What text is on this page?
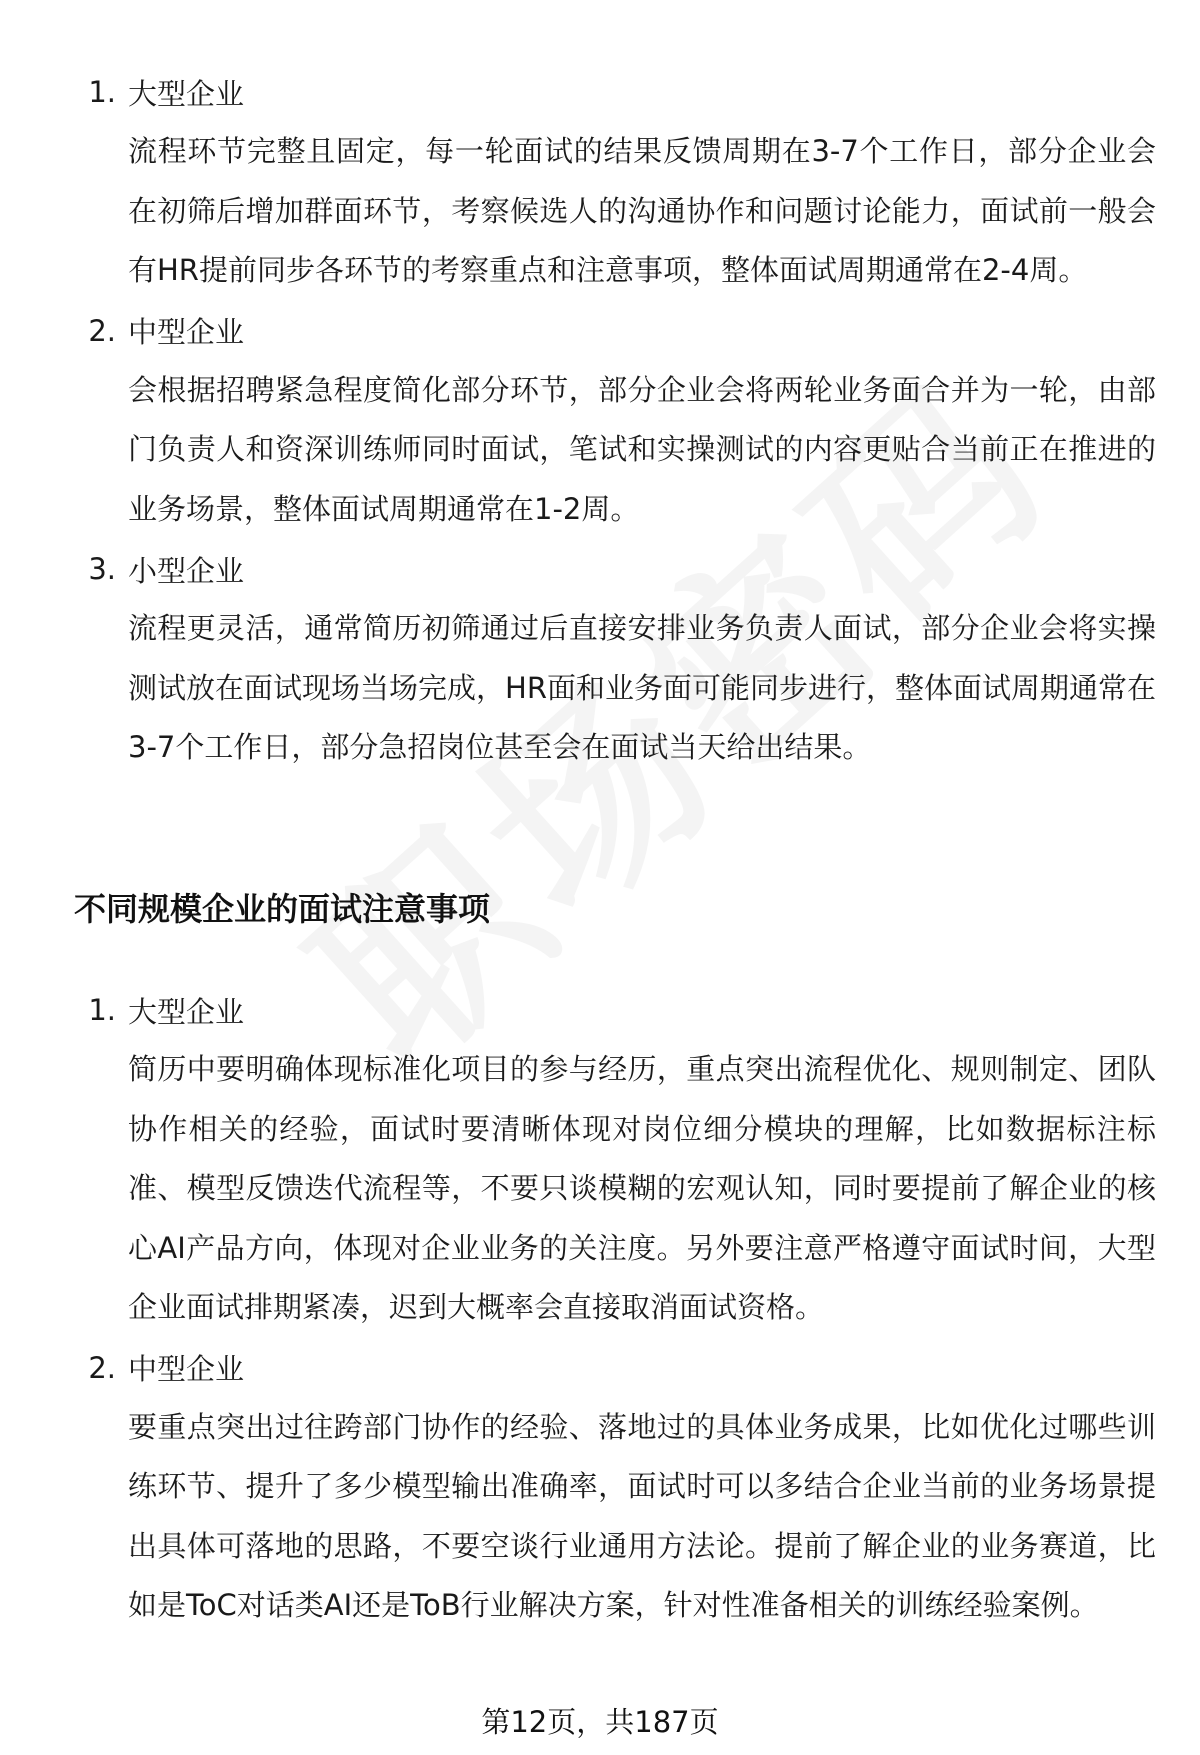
1. 大型企业

流程环节完整且固定，每一轮面试的结果反馈周期在3-7个工作日，部分企业会在初筛后增加群面环节，考察候选人的沟通协作和问题讨论能力，面试前一般会有HR提前同步各环节的考察重点和注意事项，整体面试周期通常在2-4周。

2. 中型企业

会根据招聘紧急程度简化部分环节，部分企业会将两轮业务面合并为一轮，由部门负责人和资深训练师同时面试，笔试和实操测试的内容更贴合当前正在推进的业务场景，整体面试周期通常在1-2周。

3. 小型企业

流程更灵活，通常简历初筛通过后直接安排业务负责人面试，部分企业会将实操测试放在面试现场当场完成，HR面和业务面可能同步进行，整体面试周期通常在3-7个工作日，部分急招岗位甚至会在面试当天给出结果。

不同规模企业的面试注意事项
1. 大型企业

简历中要明确体现标准化项目的参与经历，重点突出流程优化、规则制定、团队协作相关的经验，面试时要清晰体现对岗位细分模块的理解，比如数据标注标准、模型反馈迭代流程等，不要只谈模糊的宏观认知，同时要提前了解企业的核心AI产品方向，体现对企业业务的关注度。另外要注意严格遵守面试时间，大型企业面试排期紧凑，迟到大概率会直接取消面试资格。

2. 中型企业

要重点突出过往跨部门协作的经验、落地过的具体业务成果，比如优化过哪些训练环节、提升了多少模型输出准确率，面试时可以多结合企业当前的业务场景提出具体可落地的思路，不要空谈行业通用方法论。提前了解企业的业务赛道，比如是ToC对话类AI还是ToB行业解决方案，针对性准备相关的训练经验案例。

第12页，共187页
